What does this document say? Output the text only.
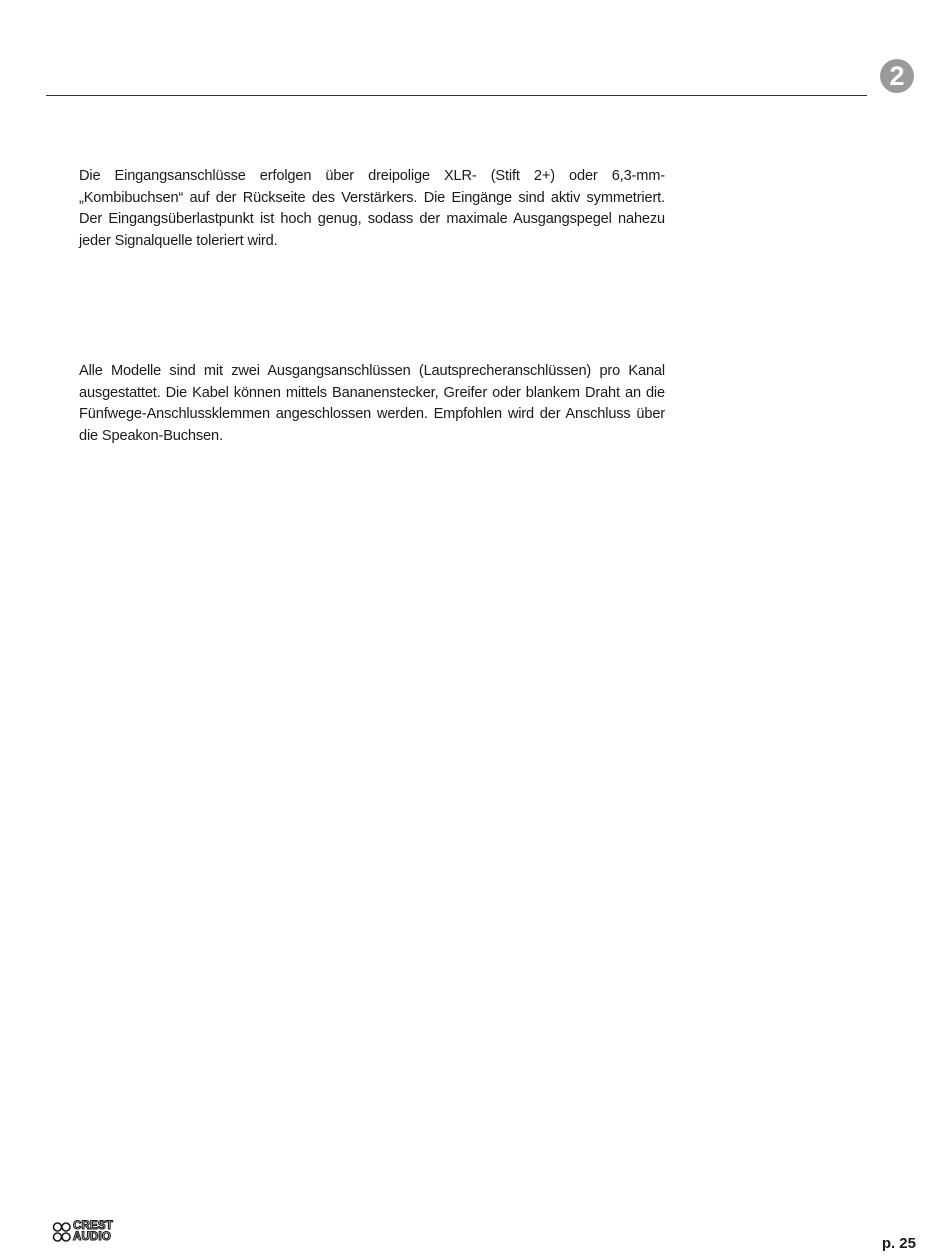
2

Die Eingangsanschlüsse erfolgen über dreipolige XLR- (Stift 2+) oder 6,3-mm-„Kombibuchsen“ auf der Rückseite des Verstärkers. Die Eingänge sind aktiv symmetriert. Der Eingangsüberlastpunkt ist hoch genug, sodass der maximale Ausgangspegel nahezu jeder Signalquelle toleriert wird.

Alle Modelle sind mit zwei Ausgangsanschlüssen (Lautsprecheranschlüssen) pro Kanal ausgestattet. Die Kabel können mittels Bananenstecker, Greifer oder blankem Draht an die Fünfwege-Anschlussklemmen angeschlossen werden. Empfohlen wird der Anschluss über die Speakon-Buchsen.

CREST
AUDIO	p. 25
